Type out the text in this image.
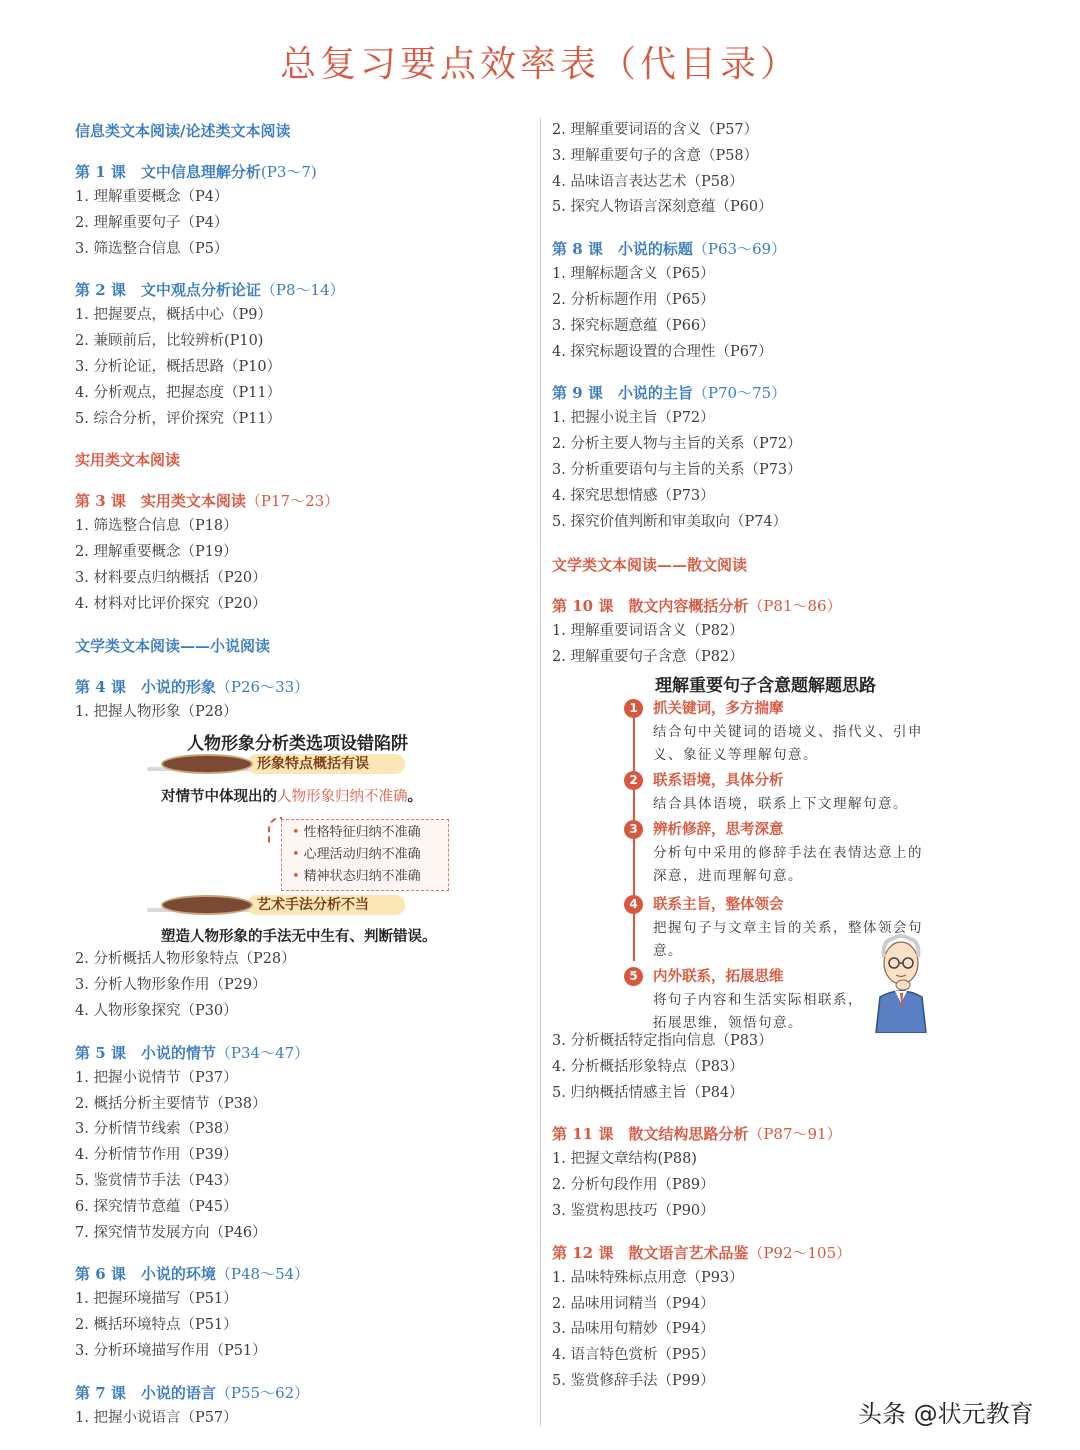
总复习要点效率表（代目录）
信息类文本阅读/论述类文本阅读
第 1 课　文中信息理解分析(P3～7)
1. 理解重要概念（P4）
2. 理解重要句子（P4）
3. 筛选整合信息（P5）
第 2 课　文中观点分析论证（P8～14）
1. 把握要点，概括中心（P9）
2. 兼顾前后，比较辨析(P10)
3. 分析论证，概括思路（P10）
4. 分析观点，把握态度（P11）
5. 综合分析，评价探究（P11）
实用类文本阅读
第 3 课　实用类文本阅读（P17～23）
1. 筛选整合信息（P18）
2. 理解重要概念（P19）
3. 材料要点归纳概括（P20）
4. 材料对比评价探究（P20）
文学类文本阅读——小说阅读
第 4 课　小说的形象（P26～33）
1. 把握人物形象（P28）
人物形象分析类选项设错陷阱
形象特点概括有误
对情节中体现出的人物形象归纳不准确。
• 性格特征归纳不准确
• 心理活动归纳不准确
• 精神状态归纳不准确
艺术手法分析不当
塑造人物形象的手法无中生有、判断错误。
2. 分析概括人物形象特点（P28）
3. 分析人物形象作用（P29）
4. 人物形象探究（P30）
第 5 课　小说的情节（P34～47）
1. 把握小说情节（P37）
2. 概括分析主要情节（P38）
3. 分析情节线索（P38）
4. 分析情节作用（P39）
5. 鉴赏情节手法（P43）
6. 探究情节意蕴（P45）
7. 探究情节发展方向（P46）
第 6 课　小说的环境（P48～54）
1. 把握环境描写（P51）
2. 概括环境特点（P51）
3. 分析环境描写作用（P51）
第 7 课　小说的语言（P55～62）
1. 把握小说语言（P57）
2. 理解重要词语的含义（P57）
3. 理解重要句子的含意（P58）
4. 品味语言表达艺术（P58）
5. 探究人物语言深刻意蕴（P60）
第 8 课　小说的标题（P63～69）
1. 理解标题含义（P65）
2. 分析标题作用（P65）
3. 探究标题意蕴（P66）
4. 探究标题设置的合理性（P67）
第 9 课　小说的主旨（P70～75）
1. 把握小说主旨（P72）
2. 分析主要人物与主旨的关系（P72）
3. 分析重要语句与主旨的关系（P73）
4. 探究思想情感（P73）
5. 探究价值判断和审美取向（P74）
文学类文本阅读——散文阅读
第 10 课　散文内容概括分析（P81～86）
1. 理解重要词语含义（P82）
2. 理解重要句子含意（P82）
理解重要句子含意题解题思路
1	抓关键词，多方揣摩
结合句中关键词的语境义、指代义、引申义、象征义等理解句意。
2	联系语境，具体分析
结合具体语境，联系上下文理解句意。
3	辨析修辞，思考深意
分析句中采用的修辞手法在表情达意上的深意，进而理解句意。
4	联系主旨，整体领会
把握句子与文章主旨的关系，整体领会句意。
5	内外联系，拓展思维
将句子内容和生活实际相联系，拓展思维，领悟句意。
3. 分析概括特定指向信息（P83）
4. 分析概括形象特点（P83）
5. 归纳概括情感主旨（P84）
第 11 课　散文结构思路分析（P87～91）
1. 把握文章结构(P88)
2. 分析句段作用（P89）
3. 鉴赏构思技巧（P90）
第 12 课　散文语言艺术品鉴（P92～105）
1. 品味特殊标点用意（P93）
2. 品味用词精当（P94）
3. 品味用句精妙（P94）
4. 语言特色赏析（P95）
5. 鉴赏修辞手法（P99）
头条 @状元教育
